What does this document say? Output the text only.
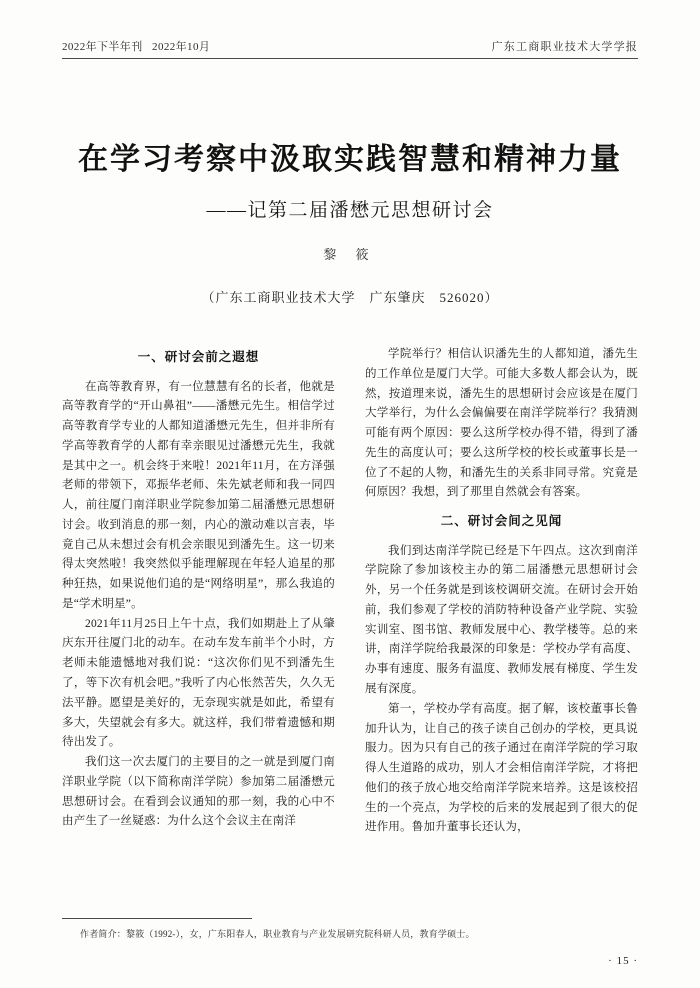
2022年下半年刊   2022年10月	广东工商职业技术大学学报
在学习考察中汲取实践智慧和精神力量
——记第二届潘懋元思想研讨会
黎 筱
（广东工商职业技术大学　广东肇庆　526020）
一、研讨会前之遐想

在高等教育界，有一位慧慧有名的长者，他就是高等教育学的“开山鼻祖”——潘懋元先生。相信学过高等教育学专业的人都知道潘懋元先生，但并非所有学高等教育学的人都有幸亲眼见过潘懋元先生，我就是其中之一。机会终于来啦！2021年11月，在方泽强老师的带领下，邓振华老师、朱先斌老师和我一同四人，前往厦门南洋职业学院参加第二届潘懋元思想研讨会。收到消息的那一刻，内心的激动难以言表，毕竟自己从未想过会有机会亲眼见到潘先生。这一切来得太突然啦！我突然似乎能理解现在年轻人追星的那种狂热，如果说他们追的是“网络明星”，那么我追的是“学术明星”。

2021年11月25日上午十点，我们如期赴上了从肇庆东开往厦门北的动车。在动车发车前半个小时，方老师未能遗憾地对我们说：“这次你们见不到潘先生了，等下次有机会吧。”我听了内心怅然苦失，久久无法平静。愿望是美好的，无奈现实就是如此，希望有多大，失望就会有多大。就这样，我们带着遗憾和期待出发了。

我们这一次去厦门的主要目的之一就是到厦门南洋职业学院（以下简称南洋学院）参加第二届潘懋元思想研讨会。在看到会议通知的那一刻，我的心中不由产生了一丝疑惑：为什么这个会议主在南洋

学院举行？相信认识潘先生的人都知道，潘先生的工作单位是厦门大学。可能大多数人都会认为，既然，按道理来说，潘先生的思想研讨会应该是在厦门大学举行，为什么会偏偏要在南洋学院举行？我猜测可能有两个原因：要么这所学校办得不错，得到了潘先生的高度认可；要么这所学校的校长或董事长是一位了不起的人物，和潘先生的关系非同寻常。究竟是何原因？我想，到了那里自然就会有答案。

二、研讨会间之见闻

我们到达南洋学院已经是下午四点。这次到南洋学院除了参加该校主办的第二届潘懋元思想研讨会外，另一个任务就是到该校调研交流。在研讨会开始前，我们参观了学校的消防特种设备产业学院、实验实训室、图书馆、教师发展中心、教学楼等。总的来讲，南洋学院给我最深的印象是：学校办学有高度、办事有速度、服务有温度、教师发展有梯度、学生发展有深度。

第一，学校办学有高度。据了解，该校董事长鲁加升认为，让自己的孩子读自己创办的学校，更具说服力。因为只有自己的孩子通过在南洋学院的学习取得人生道路的成功，别人才会相信南洋学院，才将把他们的孩子放心地交给南洋学院来培养。这是该校招生的一个亮点，为学校的后来的发展起到了很大的促进作用。鲁加升董事长还认为，

作者简介：黎筱（1992-），女，广东阳春人，职业教育与产业发展研究院科研人员，教育学硕士。
· 15 ·
